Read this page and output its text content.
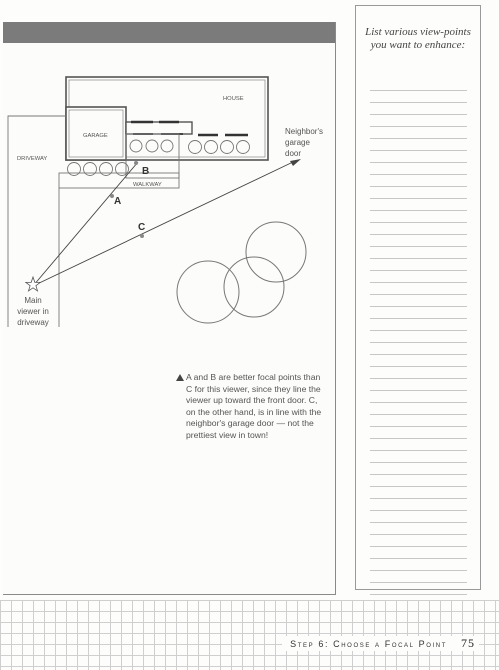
HOUSE
GARAGE
DRIVEWAY
WALKWAY
Neighbor's
garage
door
Main
viewer in
driveway
A
B
C
A and B are better focal points than C for this viewer, since they line the viewer up toward the front door. C, on the other hand, is in line with the neighbor's garage door — not the prettiest view in town!
List various view-points you want to enhance:
Step 6: Choose a Focal Point 75
